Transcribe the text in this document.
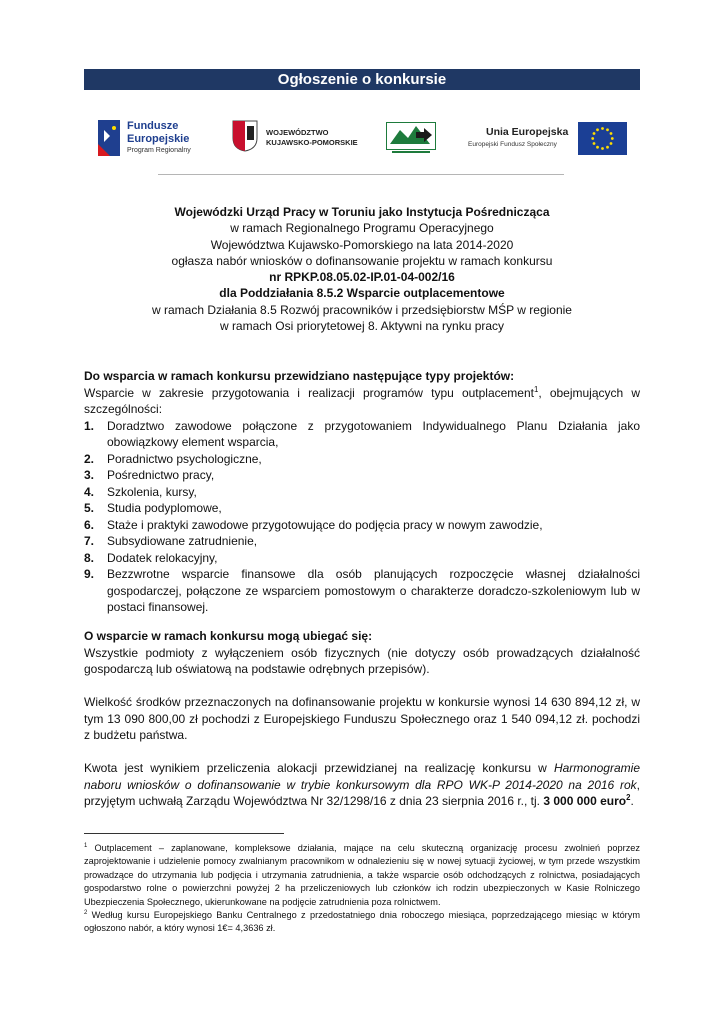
Ogłoszenie o konkursie
Fundusze
Europejskie
Program Regionalny
WOJEWÓDZTWO
KUJAWSKO-POMORSKIE
Unia Europejska
Europejski Fundusz Społeczny
Wojewódzki Urząd Pracy w Toruniu jako Instytucja Pośrednicząca
w ramach Regionalnego Programu Operacyjnego
Województwa Kujawsko-Pomorskiego na lata 2014-2020
ogłasza nabór wniosków o dofinansowanie projektu w ramach konkursu
nr RPKP.08.05.02-IP.01-04-002/16
dla Poddziałania 8.5.2 Wsparcie outplacementowe
w ramach Działania 8.5 Rozwój pracowników i przedsiębiorstw MŚP w regionie
w ramach Osi priorytetowej 8. Aktywni na rynku pracy

Do wsparcia w ramach konkursu przewidziano następujące typy projektów:

Wsparcie w zakresie przygotowania i realizacji programów typu outplacement$^1$, obejmujących w szczególności:

1. Doradztwo zawodowe połączone z przygotowaniem Indywidualnego Planu Działania jako obowiązkowy element wsparcia,
2. Poradnictwo psychologiczne,
3. Pośrednictwo pracy,
4. Szkolenia, kursy,
5. Studia podyplomowe,
6. Staże i praktyki zawodowe przygotowujące do podjęcia pracy w nowym zawodzie,
7. Subsydiowane zatrudnienie,
8. Dodatek relokacyjny,
9. Bezzwrotne wsparcie finansowe dla osób planujących rozpoczęcie własnej działalności gospodarczej, połączone ze wsparciem pomostowym o charakterze doradczo-szkoleniowym lub w postaci finansowej.

O wsparcie w ramach konkursu mogą ubiegać się:

Wszystkie podmioty z wyłączeniem osób fizycznych (nie dotyczy osób prowadzących działalność gospodarczą lub oświatową na podstawie odrębnych przepisów).

Wielkość środków przeznaczonych na dofinansowanie projektu w konkursie wynosi 14 630 894,12 zł, w tym 13 090 800,00 zł pochodzi z Europejskiego Funduszu Społecznego oraz 1 540 094,12 zł. pochodzi z budżetu państwa.

Kwota jest wynikiem przeliczenia alokacji przewidzianej na realizację konkursu w Harmonogramie naboru wniosków o dofinansowanie w trybie konkursowym dla RPO WK-P 2014-2020 na 2016 rok, przyjętym uchwałą Zarządu Województwa Nr 32/1298/16 z dnia 23 sierpnia 2016 r., tj. 3 000 000 euro$^2$.

$^1$ Outplacement – zaplanowane, kompleksowe działania, mające na celu skuteczną organizację procesu zwolnień poprzez zaprojektowanie i udzielenie pomocy zwalnianym pracownikom w odnalezieniu się w nowej sytuacji życiowej, w tym przede wszystkim prowadzące do utrzymania lub podjęcia i utrzymania zatrudnienia, a także wsparcie osób odchodzących z rolnictwa, posiadających gospodarstwo rolne o powierzchni powyżej 2 ha przeliczeniowych lub członków ich rodzin ubezpieczonych w Kasie Rolniczego Ubezpieczenia Społecznego, ukierunkowane na podjęcie zatrudnienia poza rolnictwem.

$^2$ Według kursu Europejskiego Banku Centralnego z przedostatniego dnia roboczego miesiąca, poprzedzającego miesiąc w którym ogłoszono nabór, a który wynosi 1€= 4,3636 zł.
